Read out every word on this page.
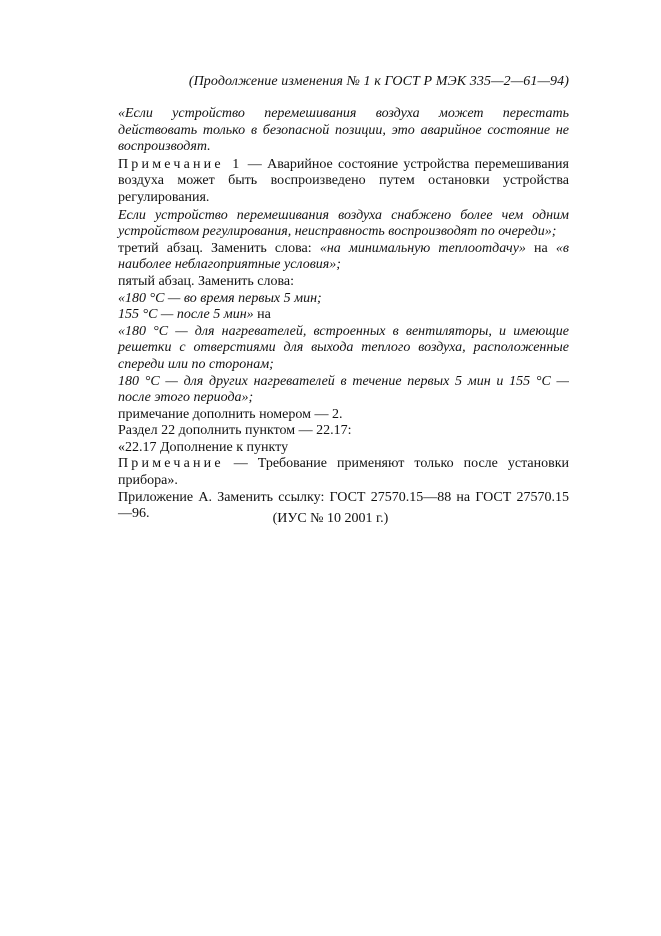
(Продолжение изменения № 1 к ГОСТ Р МЭК 335—2—61—94)

«Если устройство перемешивания воздуха может перестать действовать только в безопасной позиции, это аварийное состояние не воспроизводят.

Примечание 1 — Аварийное состояние устройства перемешивания воздуха может быть воспроизведено путем остановки устройства регулирования.

Если устройство перемешивания воздуха снабжено более чем одним устройством регулирования, неисправность воспроизводят по очереди»;

третий абзац. Заменить слова: «на минимальную теплоотдачу» на «в наиболее неблагоприятные условия»;

пятый абзац. Заменить слова:

«180 °С — во время первых 5 мин;

155 °С — после 5 мин» на

«180 °С — для нагревателей, встроенных в вентиляторы, и имеющие решетки с отверстиями для выхода теплого воздуха, расположенные спереди или по сторонам;

180 °С — для других нагревателей в течение первых 5 мин и 155 °С — после этого периода»;

примечание дополнить номером — 2.

Раздел 22 дополнить пунктом — 22.17:

«22.17 Дополнение к пункту

Примечание — Требование применяют только после установки прибора».

Приложение А. Заменить ссылку: ГОСТ 27570.15—88 на ГОСТ 27570.15—96.	(ИУС № 10 2001 г.)
